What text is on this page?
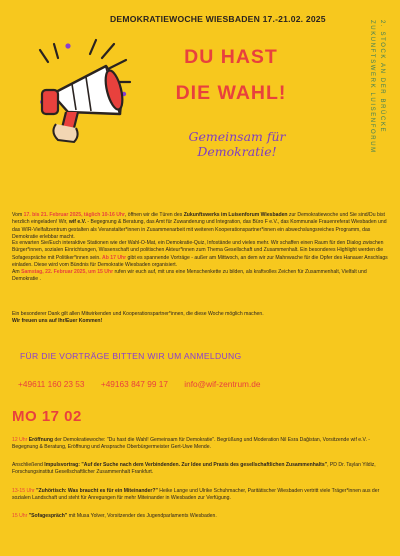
DEMOKRATIEWOCHE WIESBADEN 17.-21.02. 2025
ZUKUNFTSWERK LUISENFORUM 2. STOCK AN DER BRÜCKE
DU HAST
DIE WAHL!
Gemeinsam für
Demokratie!
Vom 17. bis 21. Februar 2025, täglich 10-16 Uhr, öffnen wir die Türen des Zukunftswerks im Luisenforum Wiesbaden zur Demokratiewoche und Sie sind/Du bist herzlich eingeladen! Wir, wif e.V. - Begegnung & Beratung, das Amt für Zuwanderung und Integration, das Büro F e.V., das Kommunale Frauenreferat Wiesbaden und das WIR-Vielfaltzentrum gestalten als Veranstalter*innen in Zusammenarbeit mit weiteren Kooperationspartner*innen ein abwechslungsreiches Programm, das Demokratie erlebbar macht.
Es erwarten Sie/Euch interaktive Stationen wie der Wahl-O-Mat, ein Demokratie-Quiz, Infostände und vieles mehr. Wir schaffen einen Raum für den Dialog zwischen Bürger*innen, sozialen Einrichtungen, Wissenschaft und politischen Akteur*innen zum Thema Gesellschaft und Zusammenhalt. Ein besonderes Highlight werden die Sofagespräche mit Politiker*innen sein. Ab 17 Uhr gibt es spannende Vorträge - außer am Mittwoch, an dem wir zur Mahnwache für die Opfer des Hanauer Anschlags einladen. Diese wird vom Bündnis für Demokratie Wiesbaden organisiert.
Am Samstag, 22. Februar 2025, um 15 Uhr rufen wir euch auf, mit uns eine Menschenkette zu bilden, als kraftvolles Zeichen für Zusammenhalt, Vielfalt und Demokratie .
Ein besonderer Dank gilt allen Mitwirkenden und Kooperationspartner*innen, die diese Woche möglich machen.
Wir freuen uns auf Ihr/Euer Kommen!
FÜR DIE VORTRÄGE BITTEN WIR UM ANMELDUNG
+49611 160 23 53 +49163 847 99 17 info@wif-zentrum.de
MO 17 02
12 Uhr Eröffnung der Demokratiewoche: "Du hast die Wahl! Gemeinsam für Demokratie". Begrüßung und Moderation Nil Esra Dağistan, Vorsitzende wif e.V. - Begegnung & Beratung, Eröffnung und Ansprache Oberbürgermeister Gert-Uwe Mende.
Anschließend Impulsvortrag: "Auf der Suche nach dem Verbindenden. Zur Idee und Praxis des gesellschaftlichen Zusammenhalts", PD Dr. Taylan Yildiz, Forschungsinstitut Gesellschaftlicher Zusammenhalt Frankfurt.
13-15 Uhr "Zuhörtisch: Was braucht es für ein Miteinander?" Heike Lange und Ulrike Schuhmacher, Paritätischer Wiesbaden vertritt viele Träger*innen aus der sozialen Landschaft und steht für Anregungen für mehr Miteinander in Wiesbaden zur Verfügung.
15 Uhr "Sofagespräch" mit Musa Yolver, Vorsitzender des Jugendparlaments Wiesbaden.
